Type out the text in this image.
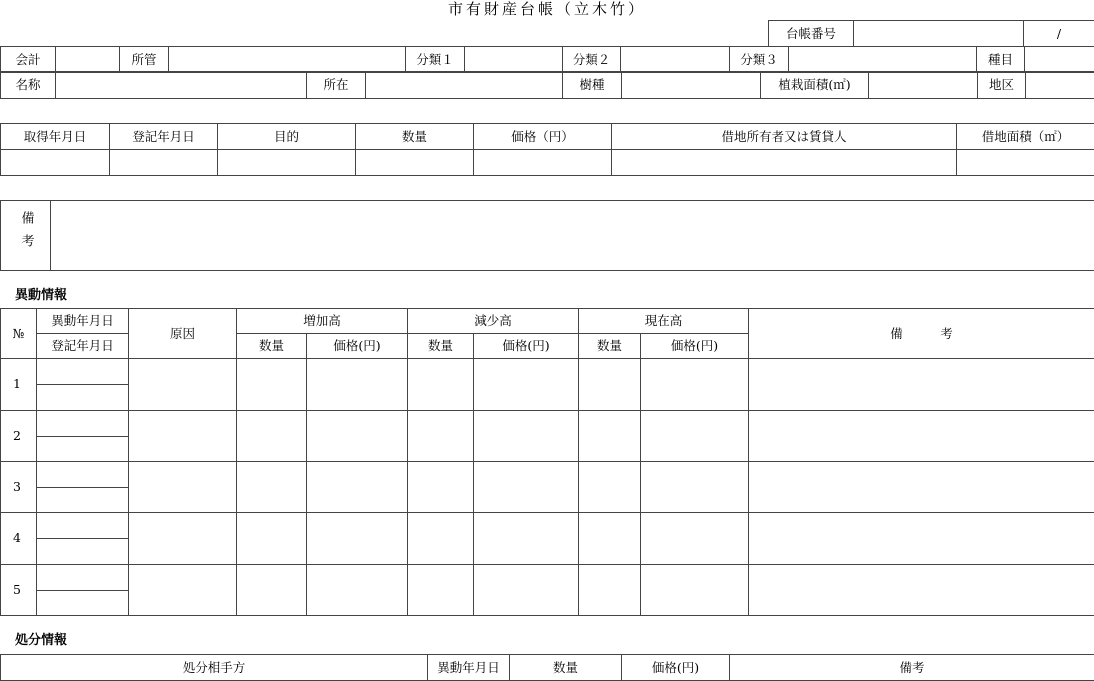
市有財産台帳（立木竹）
台帳番号		/
会計		所管		分類１		分類２		分類３		種目	
名称		所在		樹種		植栽面積(㎡)		地区	
取得年月日	登記年月日	目的	数量	価格（円）	借地所有者又は賃貸人	借地面積（㎡）

備考	
異動情報
№	異動年月日	原因	増加高		減少高		現在高		備　　　考
	登記年月日		数量	価格(円)	数量	価格(円)	数量	価格(円)	
1									

2									

3									

4									

5									

処分情報
処分相手方	異動年月日	数量	価格(円)	備考
